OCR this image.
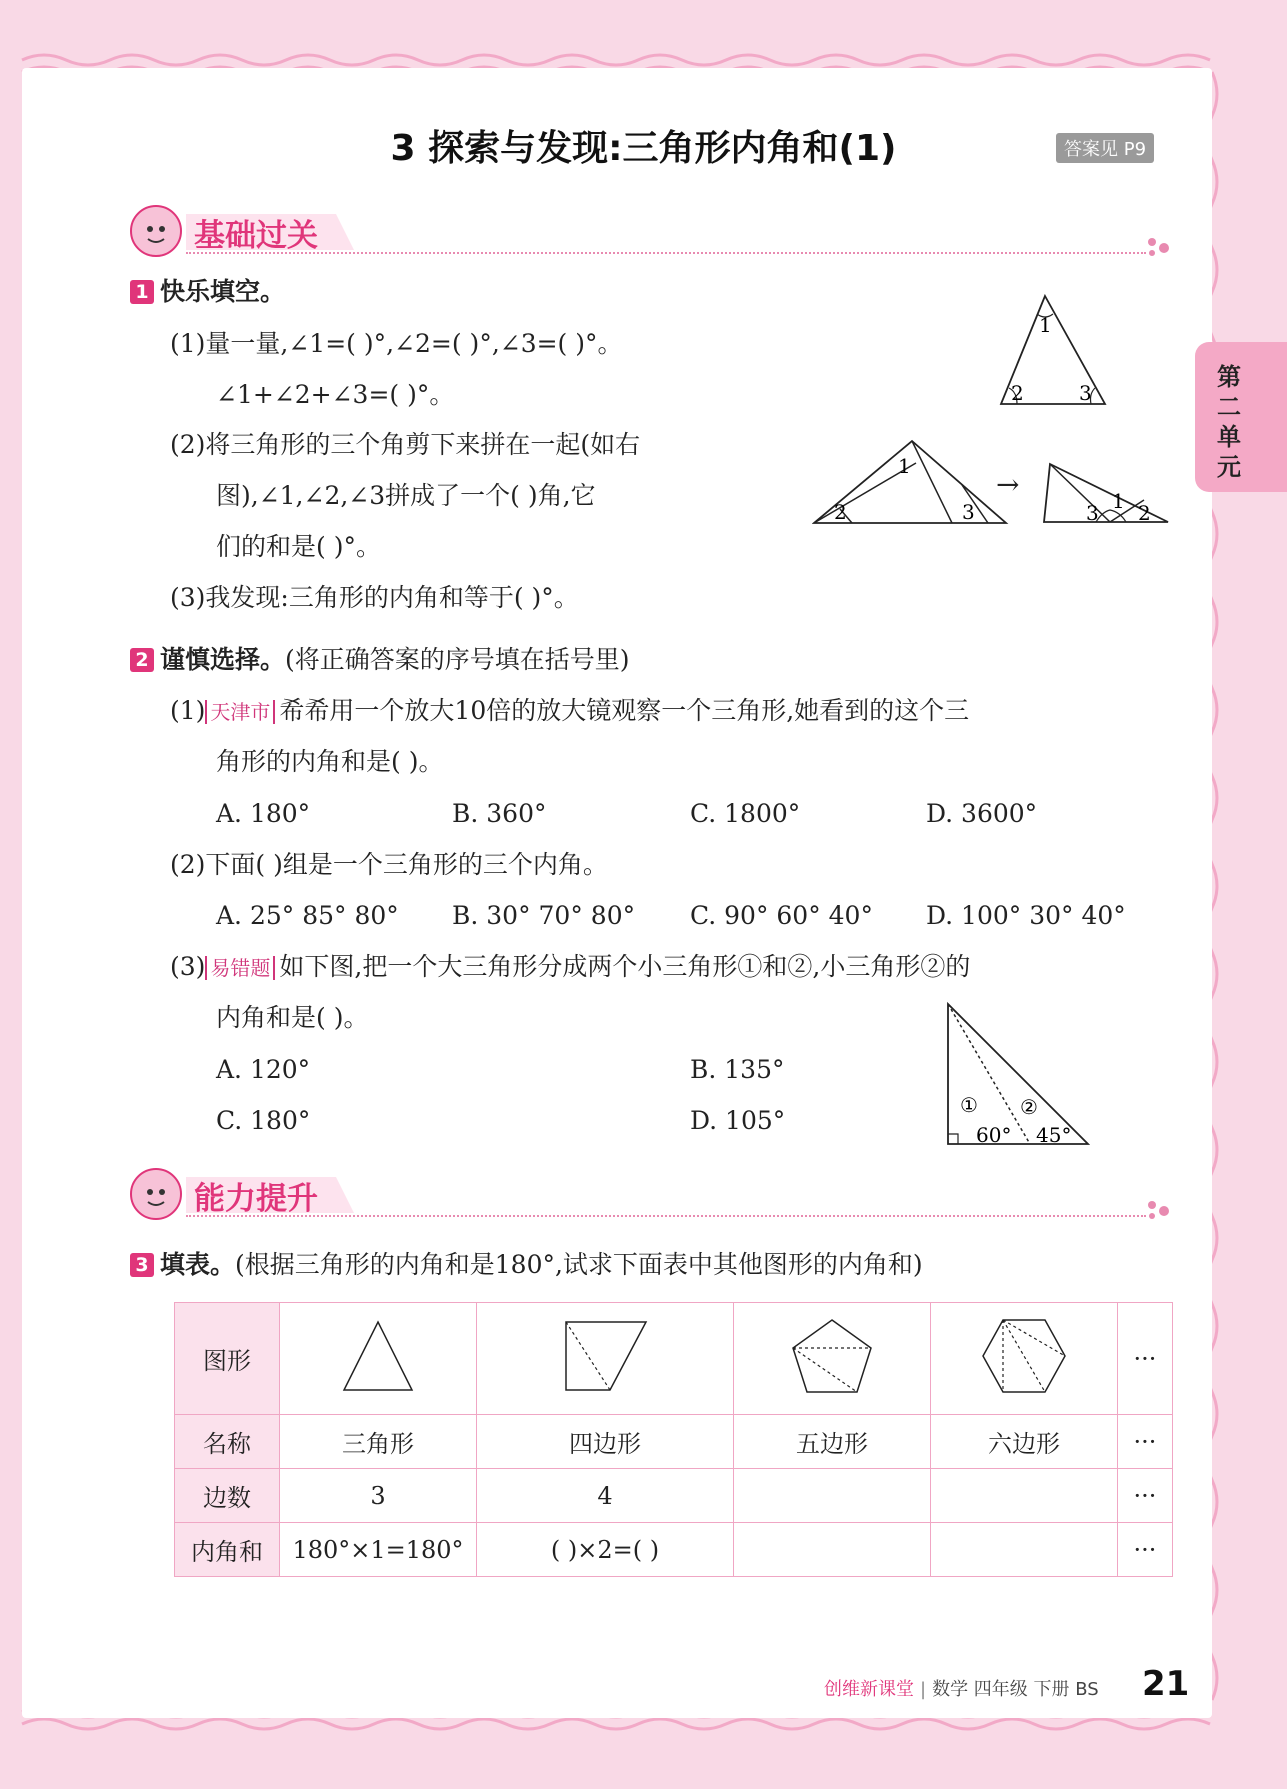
3 探索与发现:三角形内角和(1)	答案见 P9
第二单元
基础过关
1 快乐填空。
(1)量一量,∠1=( )°,∠2=( )°,∠3=( )°。
∠1+∠2+∠3=( )°。
(2)将三角形的三个角剪下来拼在一起(如右
图),∠1,∠2,∠3拼成了一个( )角,它
们的和是( )°。
(3)我发现:三角形的内角和等于( )°。
1
2	3
1
2	3
→
3 1 2
2 谨慎选择。(将正确答案的序号填在括号里)
(1) 天津市 希希用一个放大10倍的放大镜观察一个三角形,她看到的这个三
角形的内角和是( )。
A. 180°	B. 360°	C. 1800°	D. 3600°
(2)下面( )组是一个三角形的三个内角。
A. 25° 85° 80° B. 30° 70° 80° C. 90° 60° 40° D. 100° 30° 40°
(3) 易错题 如下图,把一个大三角形分成两个小三角形①和②,小三角形②的
内角和是( )。
A. 120°	B. 135°
C. 180°	D. 105°
① ②
60° 45°
能力提升
3 填表。(根据三角形的内角和是180°,试求下面表中其他图形的内角和)
图形					···
名称	三角形	四边形	五边形	六边形	···
边数	3	4			···
内角和	180°×1=180°	( )×2=( )			···
创维新课堂 | 数学 四年级 下册 BS 21
